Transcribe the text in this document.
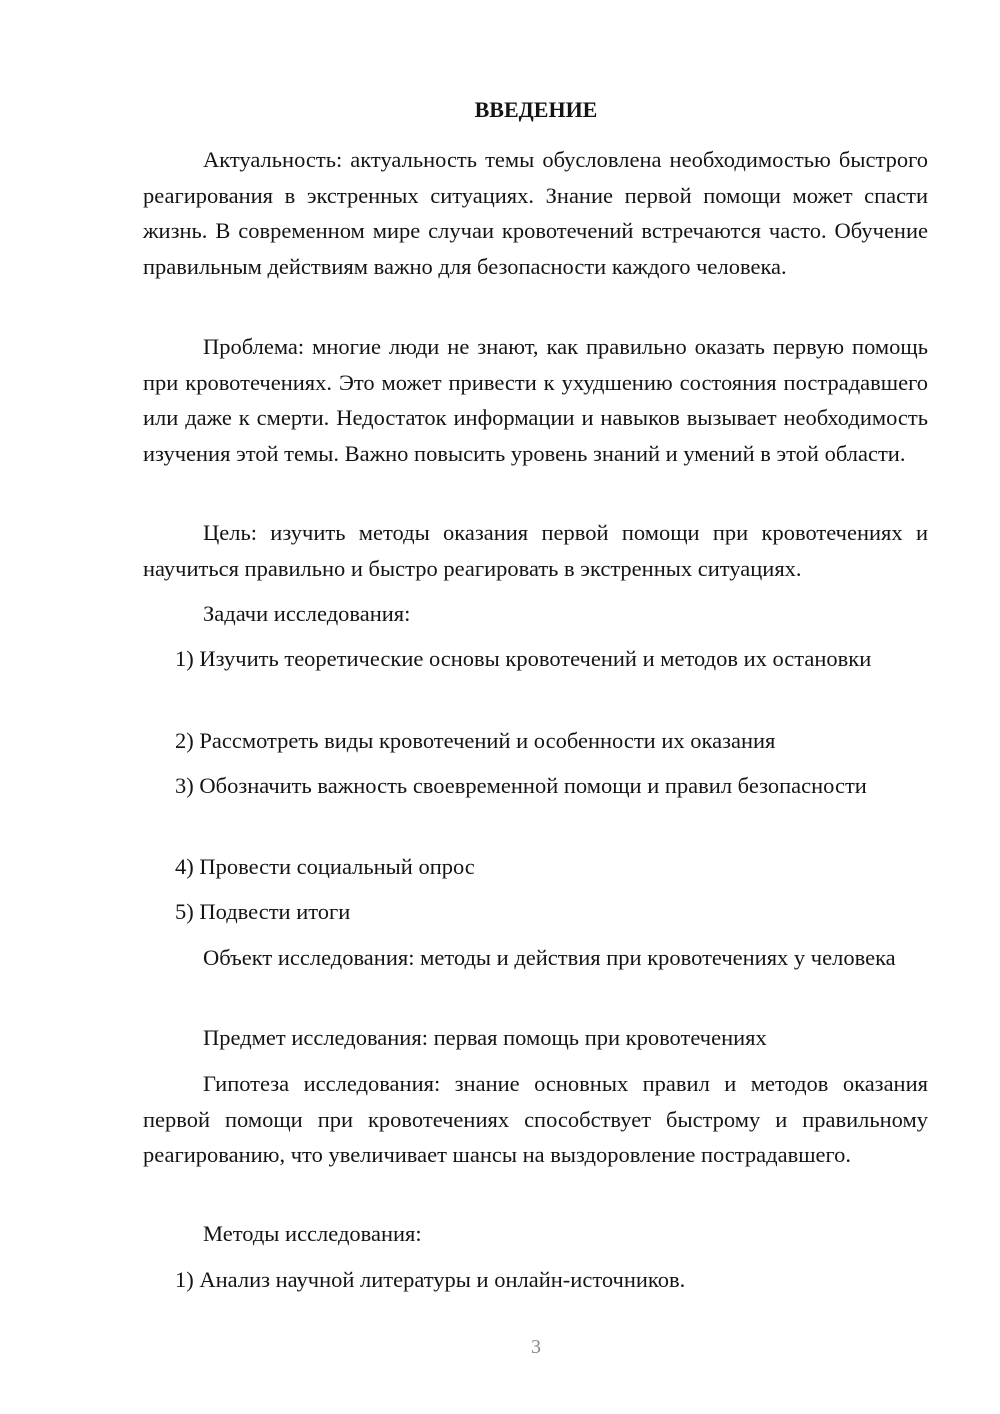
ВВЕДЕНИЕ

Актуальность: актуальность темы обусловлена необходимостью быстрого реагирования в экстренных ситуациях. Знание первой помощи может спасти жизнь. В современном мире случаи кровотечений встречаются часто. Обучение правильным действиям важно для безопасности каждого человека.

Проблема: многие люди не знают, как правильно оказать первую помощь при кровотечениях. Это может привести к ухудшению состояния пострадавшего или даже к смерти. Недостаток информации и навыков вызывает необходимость изучения этой темы. Важно повысить уровень знаний и умений в этой области.

Цель: изучить методы оказания первой помощи при кровотечениях и научиться правильно и быстро реагировать в экстренных ситуациях.

Задачи исследования:

1) Изучить теоретические основы кровотечений и методов их остановки

2) Рассмотреть виды кровотечений и особенности их оказания

3) Обозначить важность своевременной помощи и правил безопасности

4) Провести социальный опрос

5) Подвести итоги

Объект исследования: методы и действия при кровотечениях у человека

Предмет исследования: первая помощь при кровотечениях

Гипотеза исследования: знание основных правил и методов оказания первой помощи при кровотечениях способствует быстрому и правильному реагированию, что увеличивает шансы на выздоровление пострадавшего.

Методы исследования:

1) Анализ научной литературы и онлайн-источников.

3
